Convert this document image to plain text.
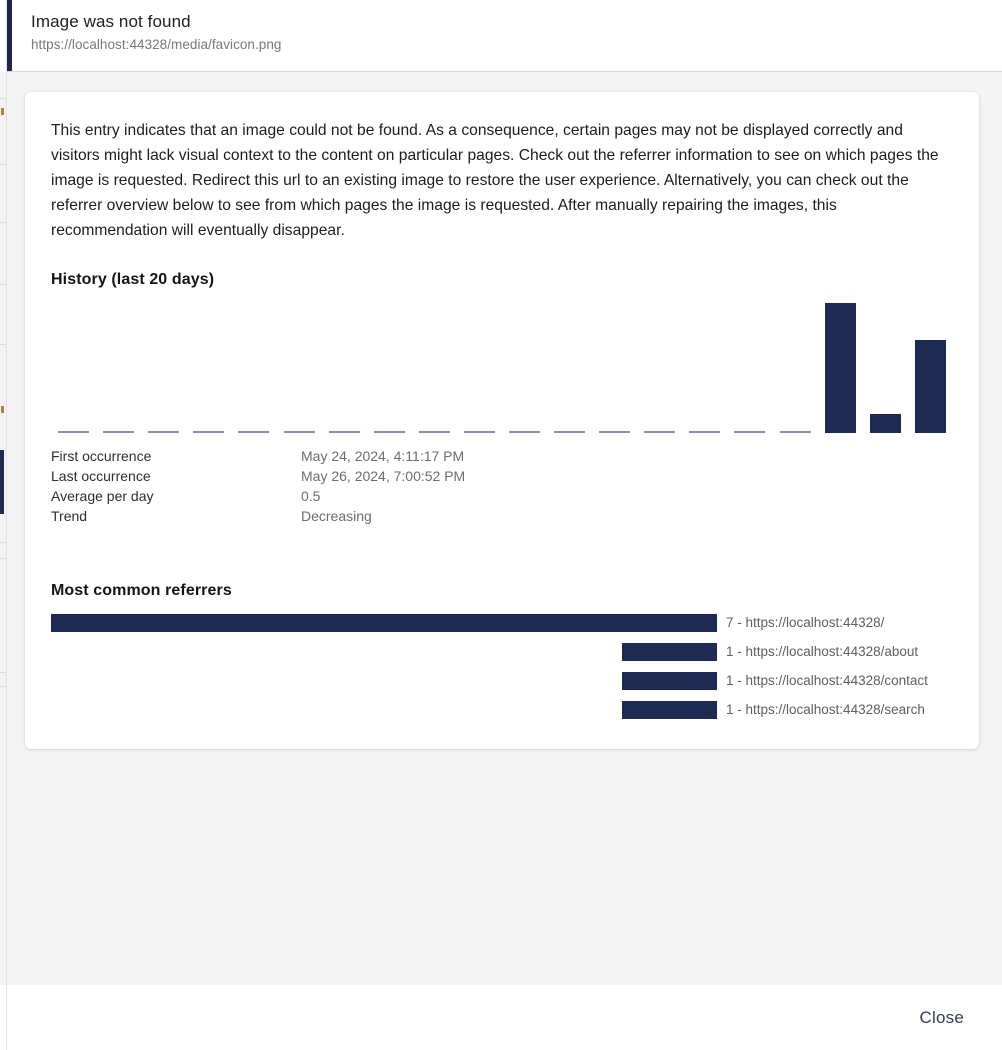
Image was not found
https://localhost:44328/media/favicon.png

This entry indicates that an image could not be found. As a consequence, certain pages may not be displayed correctly and visitors might lack visual context to the content on particular pages. Check out the referrer information to see on which pages the image is requested. Redirect this url to an existing image to restore the user experience. Alternatively, you can check out the referrer overview below to see from which pages the image is requested. After manually repairing the images, this recommendation will eventually disappear.

History (last 20 days)
First occurrence	May 24, 2024, 4:11:17 PM
Last occurrence	May 26, 2024, 7:00:52 PM
Average per day	0.5
Trend	Decreasing
Most common referrers
7 - https://localhost:44328/
1 - https://localhost:44328/about
1 - https://localhost:44328/contact
1 - https://localhost:44328/search
Close
